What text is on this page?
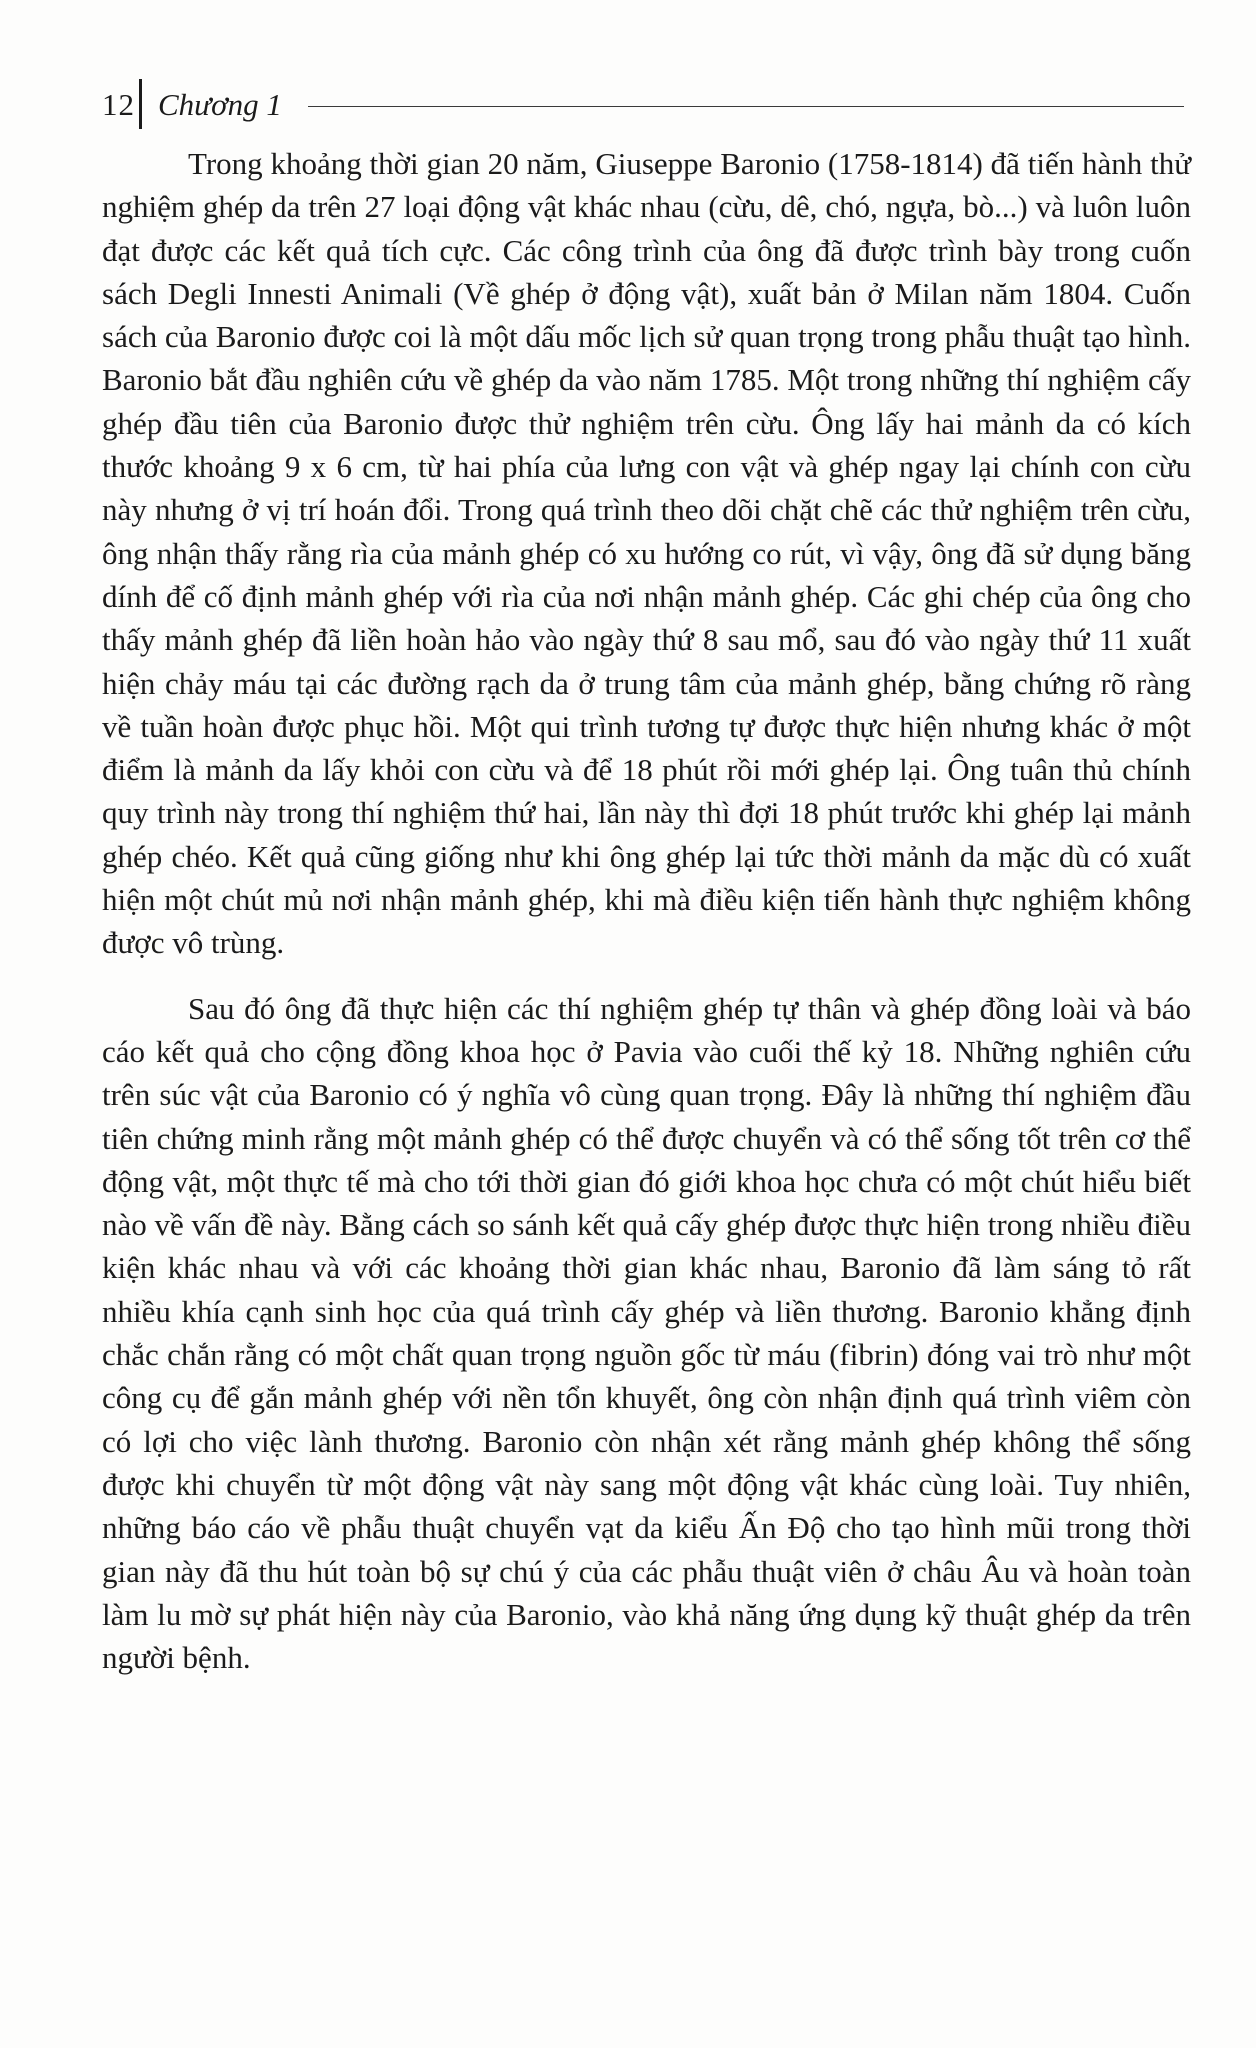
12 Chương 1

Trong khoảng thời gian 20 năm, Giuseppe Baronio (1758-1814) đã tiến hành thử nghiệm ghép da trên 27 loại động vật khác nhau (cừu, dê, chó, ngựa, bò...) và luôn luôn đạt được các kết quả tích cực. Các công trình của ông đã được trình bày trong cuốn sách Degli Innesti Animali (Về ghép ở động vật), xuất bản ở Milan năm 1804. Cuốn sách của Baronio được coi là một dấu mốc lịch sử quan trọng trong phẫu thuật tạo hình. Baronio bắt đầu nghiên cứu về ghép da vào năm 1785. Một trong những thí nghiệm cấy ghép đầu tiên của Baronio được thử nghiệm trên cừu. Ông lấy hai mảnh da có kích thước khoảng 9 x 6 cm, từ hai phía của lưng con vật và ghép ngay lại chính con cừu này nhưng ở vị trí hoán đổi. Trong quá trình theo dõi chặt chẽ các thử nghiệm trên cừu, ông nhận thấy rằng rìa của mảnh ghép có xu hướng co rút, vì vậy, ông đã sử dụng băng dính để cố định mảnh ghép với rìa của nơi nhận mảnh ghép. Các ghi chép của ông cho thấy mảnh ghép đã liền hoàn hảo vào ngày thứ 8 sau mổ, sau đó vào ngày thứ 11 xuất hiện chảy máu tại các đường rạch da ở trung tâm của mảnh ghép, bằng chứng rõ ràng về tuần hoàn được phục hồi. Một qui trình tương tự được thực hiện nhưng khác ở một điểm là mảnh da lấy khỏi con cừu và để 18 phút rồi mới ghép lại. Ông tuân thủ chính quy trình này trong thí nghiệm thứ hai, lần này thì đợi 18 phút trước khi ghép lại mảnh ghép chéo. Kết quả cũng giống như khi ông ghép lại tức thời mảnh da mặc dù có xuất hiện một chút mủ nơi nhận mảnh ghép, khi mà điều kiện tiến hành thực nghiệm không được vô trùng.

Sau đó ông đã thực hiện các thí nghiệm ghép tự thân và ghép đồng loài và báo cáo kết quả cho cộng đồng khoa học ở Pavia vào cuối thế kỷ 18. Những nghiên cứu trên súc vật của Baronio có ý nghĩa vô cùng quan trọng. Đây là những thí nghiệm đầu tiên chứng minh rằng một mảnh ghép có thể được chuyển và có thể sống tốt trên cơ thể động vật, một thực tế mà cho tới thời gian đó giới khoa học chưa có một chút hiểu biết nào về vấn đề này. Bằng cách so sánh kết quả cấy ghép được thực hiện trong nhiều điều kiện khác nhau và với các khoảng thời gian khác nhau, Baronio đã làm sáng tỏ rất nhiều khía cạnh sinh học của quá trình cấy ghép và liền thương. Baronio khẳng định chắc chắn rằng có một chất quan trọng nguồn gốc từ máu (fibrin) đóng vai trò như một công cụ để gắn mảnh ghép với nền tổn khuyết, ông còn nhận định quá trình viêm còn có lợi cho việc lành thương. Baronio còn nhận xét rằng mảnh ghép không thể sống được khi chuyển từ một động vật này sang một động vật khác cùng loài. Tuy nhiên, những báo cáo về phẫu thuật chuyển vạt da kiểu Ấn Độ cho tạo hình mũi trong thời gian này đã thu hút toàn bộ sự chú ý của các phẫu thuật viên ở châu Âu và hoàn toàn làm lu mờ sự phát hiện này của Baronio, vào khả năng ứng dụng kỹ thuật ghép da trên người bệnh.
